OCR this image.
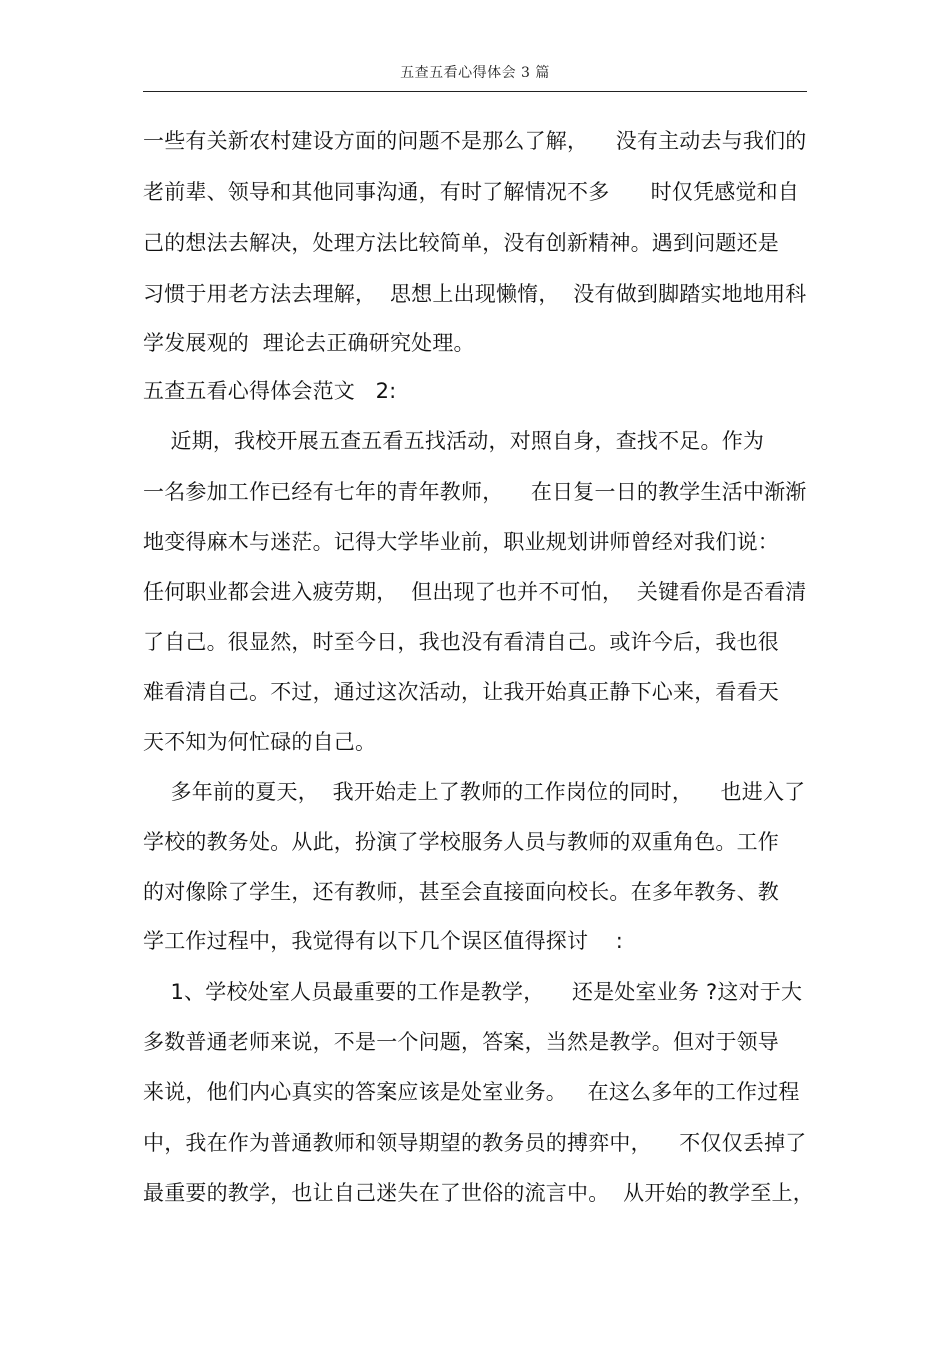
五查五看心得体会 3 篇
一些有关新农村建设方面的问题不是那么了解，    没有主动去与我们的
老前辈、领导和其他同事沟通，有时了解情况不多      时仅凭感觉和自
己的想法去解决，处理方法比较简单，没有创新精神。遇到问题还是
习惯于用老方法去理解，  思想上出现懒惰，  没有做到脚踏实地地用科
学发展观的  理论去正确研究处理。
五查五看心得体会范文   2:
近期，我校开展五查五看五找活动，对照自身，查找不足。作为
一名参加工作已经有七年的青年教师，    在日复一日的教学生活中渐渐
地变得麻木与迷茫。记得大学毕业前，职业规划讲师曾经对我们说：
任何职业都会进入疲劳期，  但出现了也并不可怕，  关键看你是否看清
了自己。很显然，时至今日，我也没有看清自己。或许今后，我也很
难看清自己。不过，通过这次活动，让我开始真正静下心来，看看天
天不知为何忙碌的自己。
多年前的夏天，  我开始走上了教师的工作岗位的同时，    也进入了
学校的教务处。从此，扮演了学校服务人员与教师的双重角色。工作
的对像除了学生，还有教师，甚至会直接面向校长。在多年教务、教
学工作过程中，我觉得有以下几个误区值得探讨    :
1、学校处室人员最重要的工作是教学，    还是处室业务 ?这对于大
多数普通老师来说，不是一个问题，答案，当然是教学。但对于领导
来说，他们内心真实的答案应该是处室业务。   在这么多年的工作过程
中，我在作为普通教师和领导期望的教务员的搏弈中，    不仅仅丢掉了
最重要的教学，也让自己迷失在了世俗的流言中。  从开始的教学至上，
